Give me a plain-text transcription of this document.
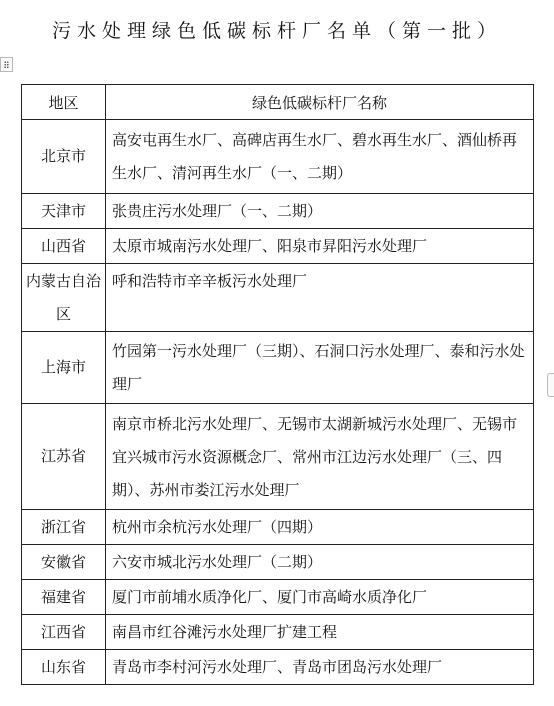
污水处理绿色低碳标杆厂名单（第一批）
地区	绿色低碳标杆厂名称
北京市	高安屯再生水厂、高碑店再生水厂、碧水再生水厂、酒仙桥再生水厂、清河再生水厂（一、二期）
天津市	张贵庄污水处理厂（一、二期）
山西省	太原市城南污水处理厂、阳泉市昇阳污水处理厂
内蒙古自治区	呼和浩特市辛辛板污水处理厂
上海市	竹园第一污水处理厂（三期）、石洞口污水处理厂、泰和污水处理厂
江苏省	南京市桥北污水处理厂、无锡市太湖新城污水处理厂、无锡市宜兴城市污水资源概念厂、常州市江边污水处理厂（三、四期）、苏州市娄江污水处理厂
浙江省	杭州市余杭污水处理厂（四期）
安徽省	六安市城北污水处理厂（二期）
福建省	厦门市前埔水质净化厂、厦门市高崎水质净化厂
江西省	南昌市红谷滩污水处理厂扩建工程
山东省	青岛市李村河污水处理厂、青岛市团岛污水处理厂
